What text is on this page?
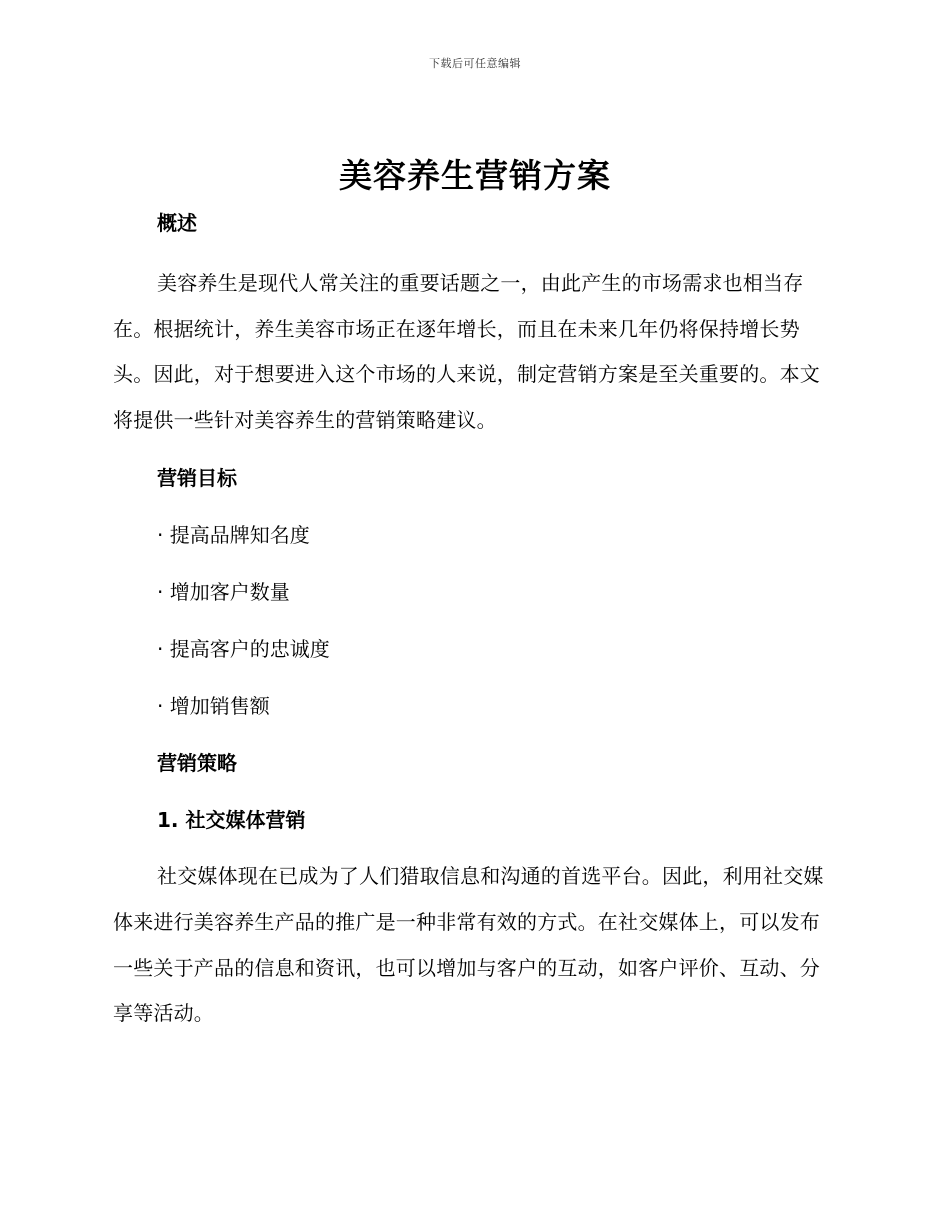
下载后可任意编辑
美容养生营销方案
概述

美容养生是现代人常关注的重要话题之一，由此产生的市场需求也相当存在。根据统计，养生美容市场正在逐年增长，而且在未来几年仍将保持增长势头。因此，对于想要进入这个市场的人来说，制定营销方案是至关重要的。本文将提供一些针对美容养生的营销策略建议。

营销目标
· 提高品牌知名度
· 增加客户数量
· 提高客户的忠诚度
· 增加销售额
营销策略
1. 社交媒体营销

社交媒体现在已成为了人们猎取信息和沟通的首选平台。因此，利用社交媒体来进行美容养生产品的推广是一种非常有效的方式。在社交媒体上，可以发布一些关于产品的信息和资讯，也可以增加与客户的互动，如客户评价、互动、分享等活动。
